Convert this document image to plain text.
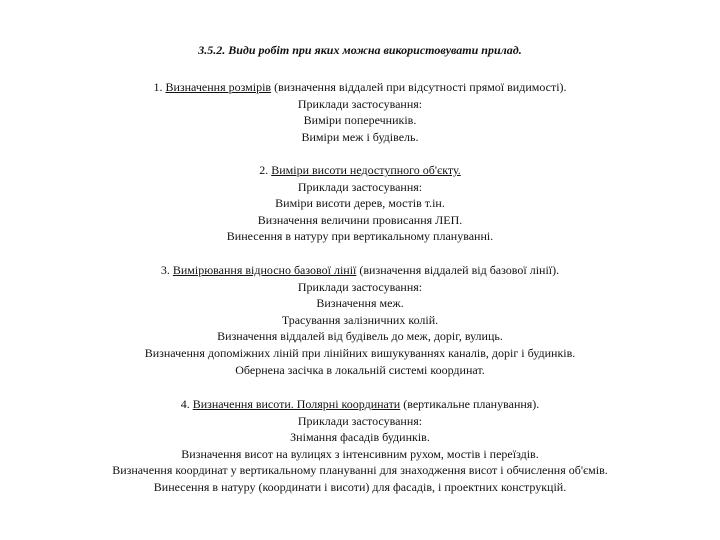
3.5.2. Види робіт при яких можна використовувати прилад.
1. Визначення розмірів (визначення віддалей при відсутності прямої видимості).
Приклади застосування:
Виміри поперечників.
Виміри меж і будівель.
2. Виміри висоти недоступного об'єкту.
Приклади застосування:
Виміри висоти дерев, мостів т.ін.
Визначення величини провисання ЛЕП.
Винесення в натуру при вертикальному плануванні.
3. Вимірювання відносно базової лінії (визначення віддалей від базової лінії).
Приклади застосування:
Визначення меж.
Трасування залізничних колій.
Визначення віддалей від будівель до меж, доріг, вулиць.
Визначення допоміжних ліній при лінійних вишукуваннях каналів, доріг і будинків.
Обернена засічка в локальній системі координат.
4. Визначення висоти. Полярні координати (вертикальне планування).
Приклади застосування:
Знімання фасадів будинків.
Визначення висот на вулицях з інтенсивним рухом, мостів і переїздів.
Визначення координат у вертикальному плануванні для знаходження висот і обчислення об'ємів.
Винесення в натуру (координати і висоти) для фасадів, і проектних конструкцій.
